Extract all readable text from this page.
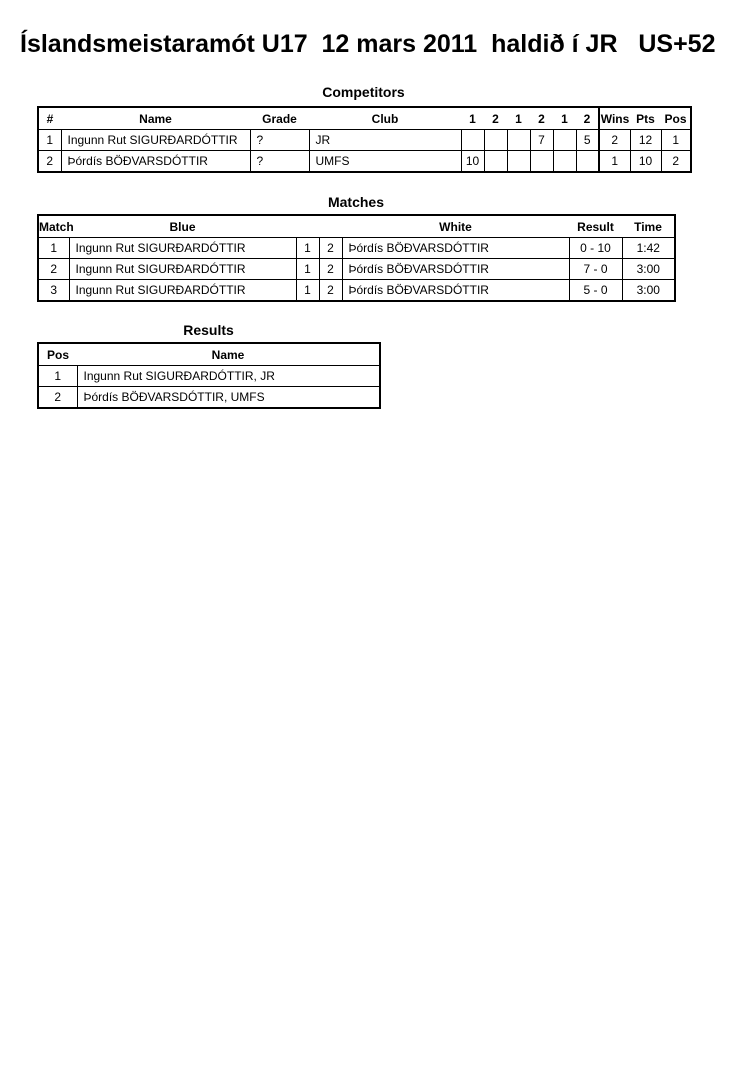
Íslandsmeistaramót U17  12 mars 2011  haldið í JR   US+52
Competitors
#	Name	Grade	Club	1	2	1	2	1	2	Wins	Pts	Pos
1	Ingunn Rut SIGURÐARDÓTTIR	?	JR				7		5	2	12	1
2	Þórdís BÖÐVARSDÓTTIR	?	UMFS	10						1	10	2
Matches
Match	Blue			White	Result	Time
1	Ingunn Rut SIGURÐARDÓTTIR	1	2	Þórdís BÖÐVARSDÓTTIR	0 - 10	1:42
2	Ingunn Rut SIGURÐARDÓTTIR	1	2	Þórdís BÖÐVARSDÓTTIR	7 - 0	3:00
3	Ingunn Rut SIGURÐARDÓTTIR	1	2	Þórdís BÖÐVARSDÓTTIR	5 - 0	3:00
Results
Pos	Name
1	Ingunn Rut SIGURÐARDÓTTIR, JR
2	Þórdís BÖÐVARSDÓTTIR, UMFS
